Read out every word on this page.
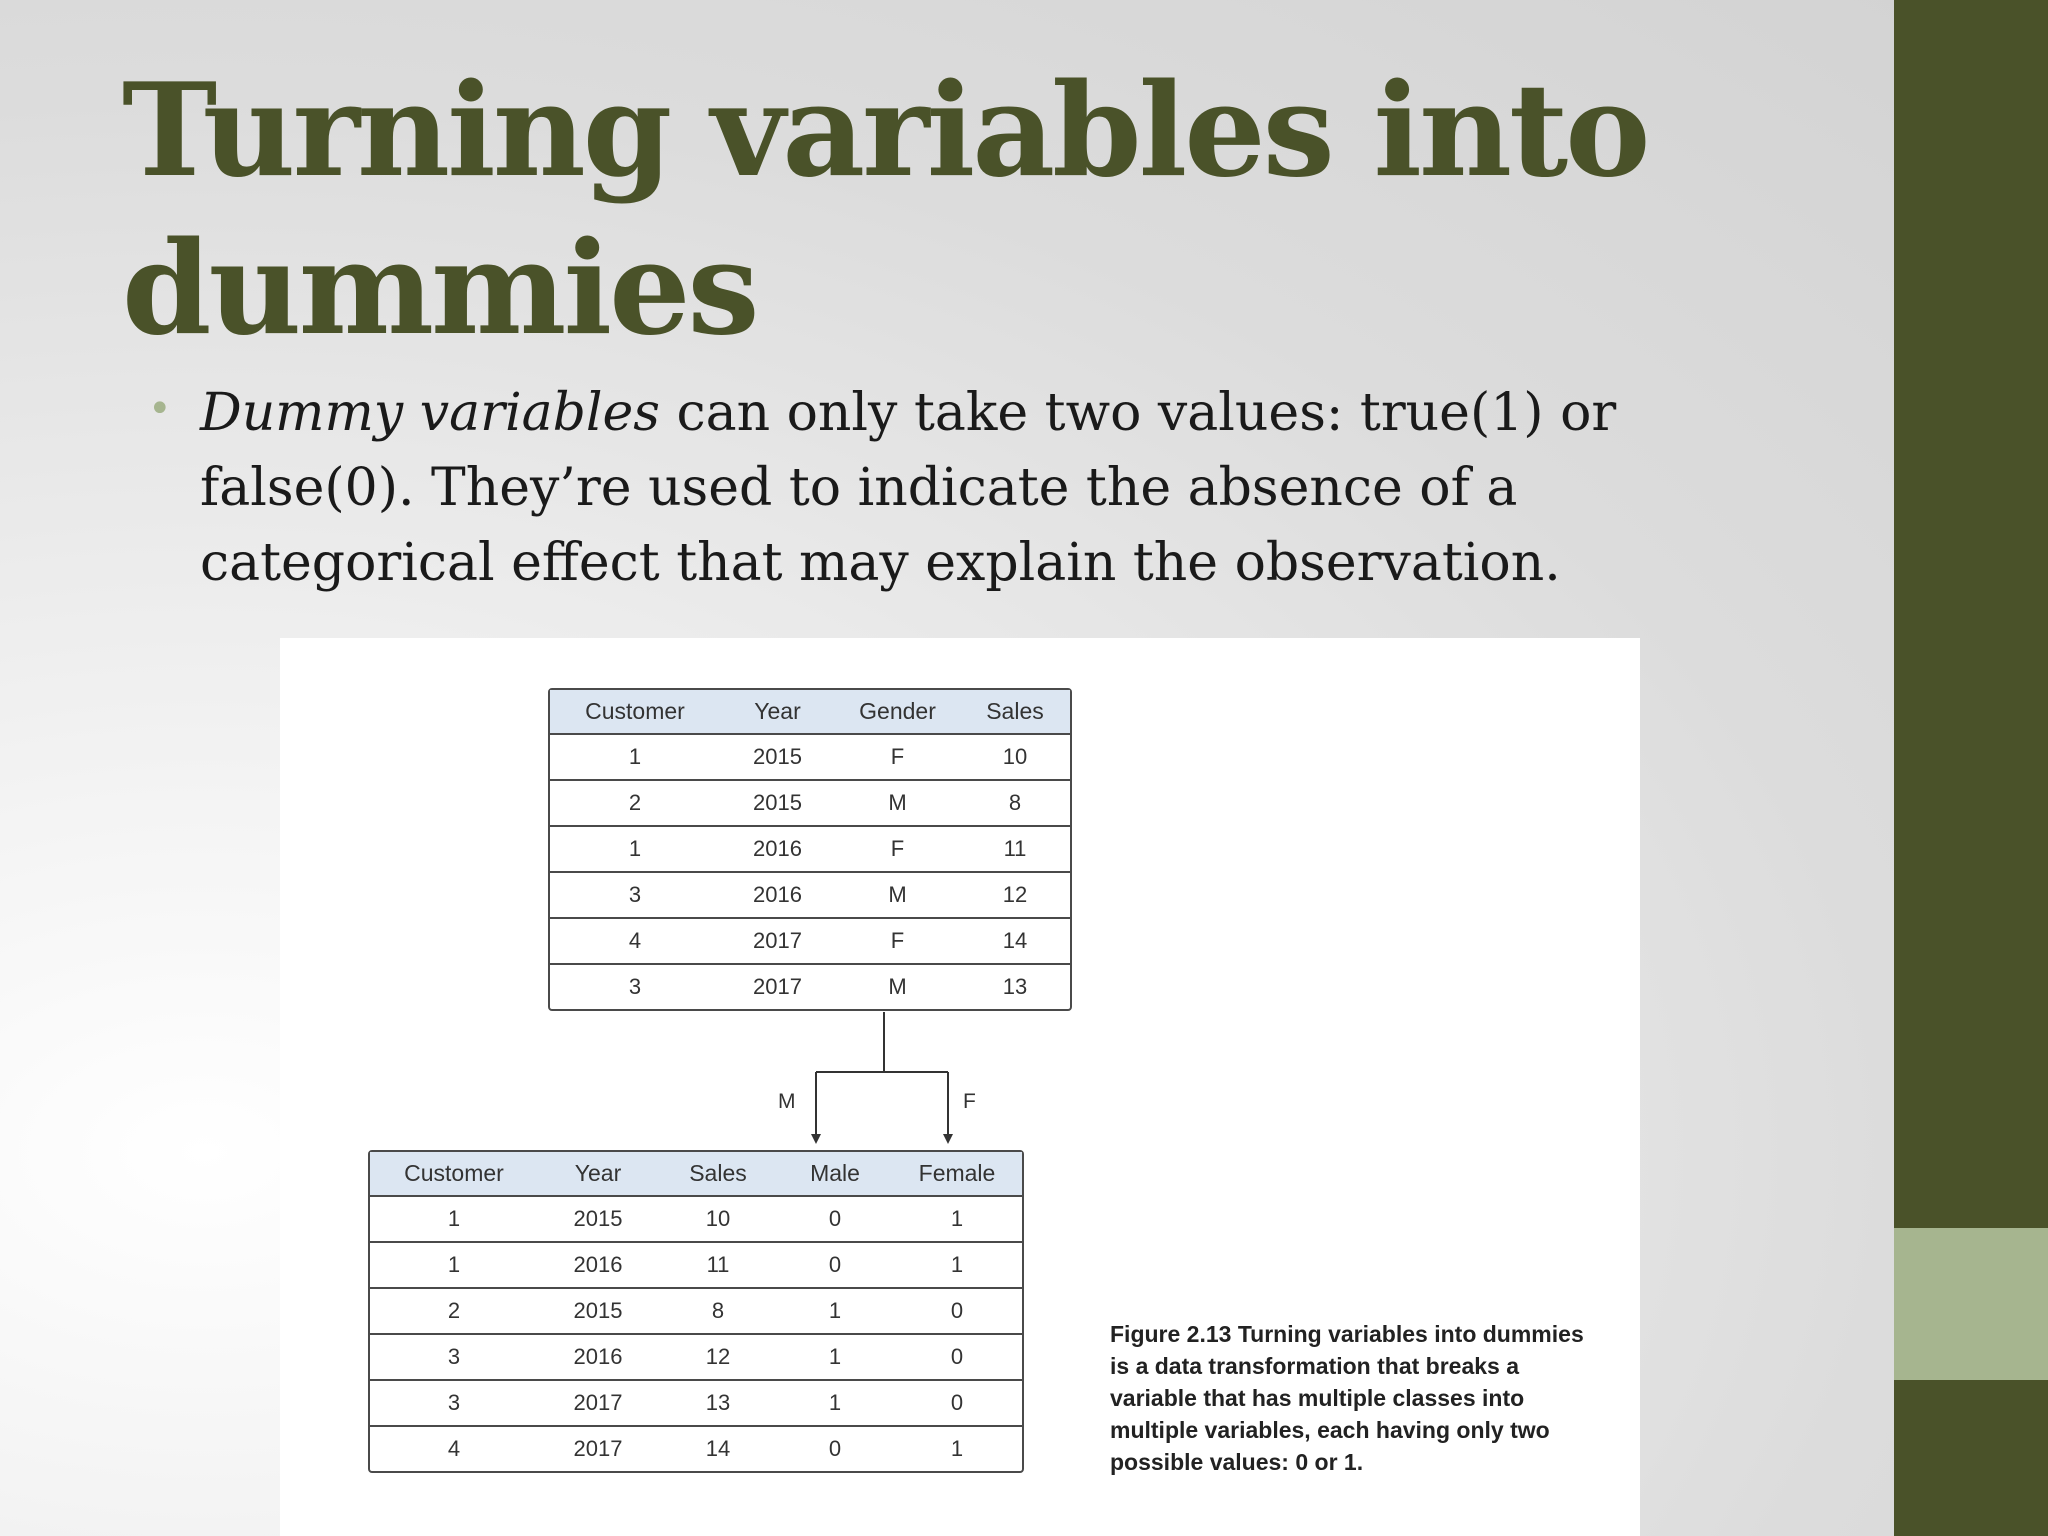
Turning variables into dummies
• Dummy variables can only take two values: true(1) or false(0). They’re used to indicate the absence of a categorical effect that may explain the observation.

Customer	Year	Gender	Sales
1	2015	F	10
2	2015	M	8
1	2016	F	11
3	2016	M	12
4	2017	F	14
3	2017	M	13
M	F
Customer	Year	Sales	Male	Female
1	2015	10	0	1
1	2016	11	0	1
2	2015	8	1	0
3	2016	12	1	0
3	2017	13	1	0
4	2017	14	0	1

Figure 2.13 Turning variables into dummies is a data transformation that breaks a variable that has multiple classes into multiple variables, each having only two possible values: 0 or 1.
